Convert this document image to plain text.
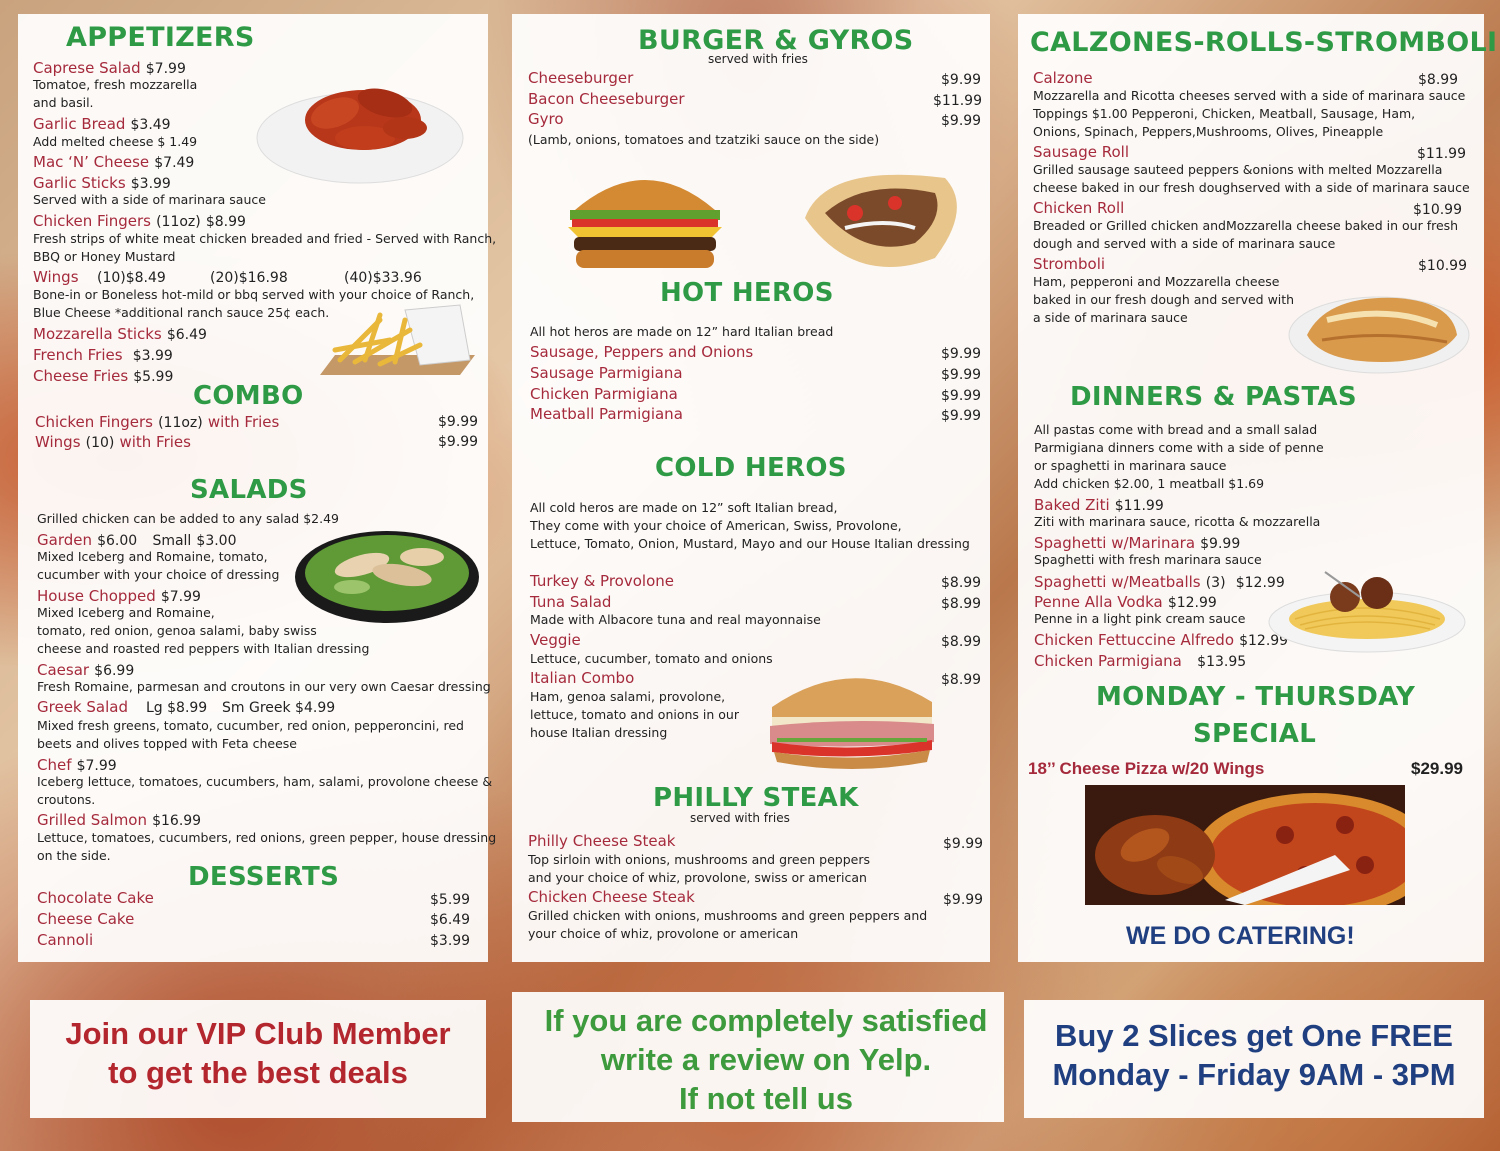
APPETIZERS
Caprese Salad $7.99
Tomatoe, fresh mozzarella
and basil.
Garlic Bread $3.49
Add melted cheese $ 1.49
Mac ‘N’ Cheese $7.49
Garlic Sticks $3.99
Served with a side of marinara sauce
Chicken Fingers (11oz) $8.99
Fresh strips of white meat chicken breaded and fried - Served with Ranch,
BBQ or Honey Mustard
Wings (10)$8.49	(20)$16.98	(40)$33.96
Bone-in or Boneless hot-mild or bbq served with your choice of Ranch,
Blue Cheese *additional ranch sauce 25¢ each.
Mozzarella Sticks $6.49
French Fries $3.99
Cheese Fries $5.99
COMBO
Chicken Fingers (11oz) with Fries	$9.99
Wings (10) with Fries	$9.99
SALADS
Grilled chicken can be added to any salad $2.49
Garden $6.00 Small $3.00
Mixed Iceberg and Romaine, tomato,
cucumber with your choice of dressing
House Chopped $7.99
Mixed Iceberg and Romaine,
tomato, red onion, genoa salami, baby swiss
cheese and roasted red peppers with Italian dressing
Caesar $6.99
Fresh Romaine, parmesan and croutons in our very own Caesar dressing
Greek Salad Lg $8.99 Sm Greek $4.99
Mixed fresh greens, tomato, cucumber, red onion, pepperoncini, red
beets and olives topped with Feta cheese
Chef $7.99
Iceberg lettuce, tomatoes, cucumbers, ham, salami, provolone cheese &
croutons.
Grilled Salmon $16.99
Lettuce, tomatoes, cucumbers, red onions, green pepper, house dressing
on the side.
DESSERTS
Chocolate Cake	$5.99
Cheese Cake	$6.49
Cannoli	$3.99
BURGER & GYROS
served with fries
Cheeseburger	$9.99
Bacon Cheeseburger	$11.99
Gyro	$9.99
(Lamb, onions, tomatoes and tzatziki sauce on the side)
HOT HEROS
All hot heros are made on 12” hard Italian bread
Sausage, Peppers and Onions	$9.99
Sausage Parmigiana	$9.99
Chicken Parmigiana	$9.99
Meatball Parmigiana	$9.99
COLD HEROS
All cold heros are made on 12” soft Italian bread,
They come with your choice of American, Swiss, Provolone,
Lettuce, Tomato, Onion, Mustard, Mayo and our House Italian dressing
Turkey & Provolone	$8.99
Tuna Salad	$8.99
Made with Albacore tuna and real mayonnaise
Veggie	$8.99
Lettuce, cucumber, tomato and onions
Italian Combo	$8.99
Ham, genoa salami, provolone,
lettuce, tomato and onions in our
house Italian dressing
PHILLY STEAK
served with fries
Philly Cheese Steak	$9.99
Top sirloin with onions, mushrooms and green peppers
and your choice of whiz, provolone, swiss or american
Chicken Cheese Steak	$9.99
Grilled chicken with onions, mushrooms and green peppers and
your choice of whiz, provolone or american
CALZONES-ROLLS-STROMBOLI
Calzone	$8.99
Mozzarella and Ricotta cheeses served with a side of marinara sauce
Toppings $1.00 Pepperoni, Chicken, Meatball, Sausage, Ham,
Onions, Spinach, Peppers,Mushrooms, Olives, Pineapple
Sausage Roll	$11.99
Grilled sausage sauteed peppers &onions with melted Mozzarella
cheese baked in our fresh doughserved with a side of marinara sauce
Chicken Roll	$10.99
Breaded or Grilled chicken andMozzarella cheese baked in our fresh
dough and served with a side of marinara sauce
Stromboli	$10.99
Ham, pepperoni and Mozzarella cheese
baked in our fresh dough and served with
a side of marinara sauce
DINNERS & PASTAS
All pastas come with bread and a small salad
Parmigiana dinners come with a side of penne
or spaghetti in marinara sauce
Add chicken $2.00, 1 meatball $1.69
Baked Ziti $11.99
Ziti with marinara sauce, ricotta & mozzarella
Spaghetti w/Marinara $9.99
Spaghetti with fresh marinara sauce
Spaghetti w/Meatballs (3) $12.99
Penne Alla Vodka $12.99
Penne in a light pink cream sauce
Chicken Fettuccine Alfredo $12.99
Chicken Parmigiana $13.95
MONDAY - THURSDAY
SPECIAL
18’’ Cheese Pizza w/20 Wings	$29.99
WE DO CATERING!
Join our VIP Club Member
to get the best deals
If you are completely satisfied
write a review on Yelp.
If not tell us
Buy 2 Slices get One FREE
Monday - Friday 9AM - 3PM
